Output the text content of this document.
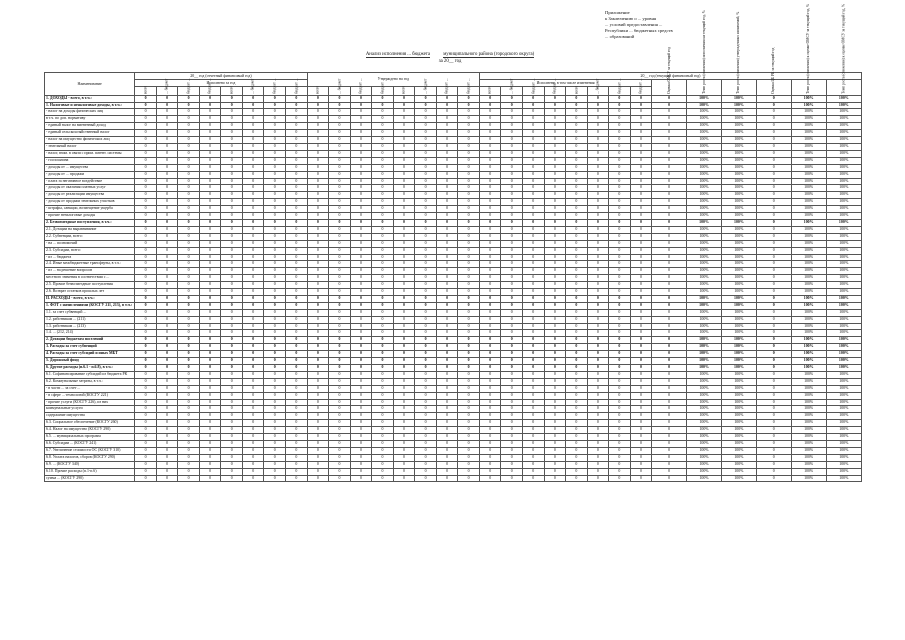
Приложение
к Заключению о ... уровня
... условий предоставления ...
Республики ... бюджетных средств
... образований
Анализ исполнения ... бюджета	муниципального района (городского округа)
за 20__ год
Наименование	20__ год (отчетный финансовый год)								Утверждено на год								20__ год (текущий финансовый год)													
	Исполнено за год																Исполнено, в том числе изменения								Оценка ОМСУ за текущий год	Темп роста (снижения) исполнения на текущий год, %	Темп роста (снижения) утвержденных назначений, %	Оценка ЦБ РК за текущий год	Темп роста (снижения) к оценке ОМСУ за текущий год, %	Темп роста (снижения) к оценке ОМСУ за текущий год, %
	всего	... бюджет	бюджет ...	бюджет ...	всего	... бюджет	бюджет ...	бюджет ...	всего	... бюджет	бюджет ...	бюджет ...	всего	... бюджет	бюджет ...	бюджет ...	всего	... бюджет	бюджет ...	бюджет ...	всего	... бюджет	бюджет ...	бюджет ...						
1. ДОХОДЫ - всего, в т.ч.:	0	0	0	0	0	0	0	0	0	0	0	0	0	0	0	0	0	0	0	0	0	0	0	0	0	100%	100%	0	100%	100%
1. Налоговые и неналоговые доходы, в т.ч.:	0	0	0	0	0	0	0	0	0	0	0	0	0	0	0	0	0	0	0	0	0	0	0	0	0	100%	100%	0	100%	100%
- налог на доходы физических лиц	0	0	0	0	0	0	0	0	0	0	0	0	0	0	0	0	0	0	0	0	0	0	0	0	0	100%	100%	0	100%	100%
в т.ч. по доп. нормативу	0	0	0	0	0	0	0	0	0	0	0	0	0	0	0	0	0	0	0	0	0	0	0	0	0	100%	100%	0	100%	100%
- единый налог на вмененный доход	0	0	0	0	0	0	0	0	0	0	0	0	0	0	0	0	0	0	0	0	0	0	0	0	0	100%	100%	0	100%	100%
- единый сельскохозяйственный налог	0	0	0	0	0	0	0	0	0	0	0	0	0	0	0	0	0	0	0	0	0	0	0	0	0	100%	100%	0	100%	100%
- налог на имущество физических лиц	0	0	0	0	0	0	0	0	0	0	0	0	0	0	0	0	0	0	0	0	0	0	0	0	0	100%	100%	0	100%	100%
- земельный налог	0	0	0	0	0	0	0	0	0	0	0	0	0	0	0	0	0	0	0	0	0	0	0	0	0	100%	100%	0	100%	100%
- налог, взим. в связи с прим. патент. системы	0	0	0	0	0	0	0	0	0	0	0	0	0	0	0	0	0	0	0	0	0	0	0	0	0	100%	100%	0	100%	100%
- госпошлина	0	0	0	0	0	0	0	0	0	0	0	0	0	0	0	0	0	0	0	0	0	0	0	0	0	100%	100%	0	100%	100%
- доходы от ... имущества	0	0	0	0	0	0	0	0	0	0	0	0	0	0	0	0	0	0	0	0	0	0	0	0	0	100%	100%	0	100%	100%
- доходы от ... продажи	0	0	0	0	0	0	0	0	0	0	0	0	0	0	0	0	0	0	0	0	0	0	0	0	0	100%	100%	0	100%	100%
- плата за негативное воздействие	0	0	0	0	0	0	0	0	0	0	0	0	0	0	0	0	0	0	0	0	0	0	0	0	0	100%	100%	0	100%	100%
- доходы от оказания платных услуг	0	0	0	0	0	0	0	0	0	0	0	0	0	0	0	0	0	0	0	0	0	0	0	0	0	100%	100%	0	100%	100%
- доходы от реализации имущества	0	0	0	0	0	0	0	0	0	0	0	0	0	0	0	0	0	0	0	0	0	0	0	0	0	100%	100%	0	100%	100%
- доходы от продажи земельных участков	0	0	0	0	0	0	0	0	0	0	0	0	0	0	0	0	0	0	0	0	0	0	0	0	0	100%	100%	0	100%	100%
- штрафы, санкции, возмещение ущерба	0	0	0	0	0	0	0	0	0	0	0	0	0	0	0	0	0	0	0	0	0	0	0	0	0	100%	100%	0	100%	100%
- прочие неналоговые доходы	0	0	0	0	0	0	0	0	0	0	0	0	0	0	0	0	0	0	0	0	0	0	0	0	0	100%	100%	0	100%	100%
2. Безвозмездные поступления, в т.ч.:	0	0	0	0	0	0	0	0	0	0	0	0	0	0	0	0	0	0	0	0	0	0	0	0	0	100%	100%	0	100%	100%
2.1. Дотации на выравнивание	0	0	0	0	0	0	0	0	0	0	0	0	0	0	0	0	0	0	0	0	0	0	0	0	0	100%	100%	0	100%	100%
2.2. Субвенции, всего:	0	0	0	0	0	0	0	0	0	0	0	0	0	0	0	0	0	0	0	0	0	0	0	0	0	100%	100%	0	100%	100%
- на ... полномочий	0	0	0	0	0	0	0	0	0	0	0	0	0	0	0	0	0	0	0	0	0	0	0	0	0	100%	100%	0	100%	100%
2.3. Субсидии, всего:	0	0	0	0	0	0	0	0	0	0	0	0	0	0	0	0	0	0	0	0	0	0	0	0	0	100%	100%	0	100%	100%
- из ... бюджета	0	0	0	0	0	0	0	0	0	0	0	0	0	0	0	0	0	0	0	0	0	0	0	0	0	100%	100%	0	100%	100%
2.4. Иные межбюджетные трансферты, в т.ч.:	0	0	0	0	0	0	0	0	0	0	0	0	0	0	0	0	0	0	0	0	0	0	0	0	0	100%	100%	0	100%	100%
- из ... на решение вопросов	0	0	0	0	0	0	0	0	0	0	0	0	0	0	0	0	0	0	0	0	0	0	0	0	0	100%	100%	0	100%	100%
местного значения в соответствии с ...	0	0	0	0	0	0	0	0	0	0	0	0	0	0	0	0	0	0	0	0	0	0	0	0	0	100%	100%	0	100%	100%
2.5. Прочие безвозмездные поступления	0	0	0	0	0	0	0	0	0	0	0	0	0	0	0	0	0	0	0	0	0	0	0	0	0	100%	100%	0	100%	100%
2.6. Возврат остатков прошлых лет	0	0	0	0	0	0	0	0	0	0	0	0	0	0	0	0	0	0	0	0	0	0	0	0	0	100%	100%	0	100%	100%
II. РАСХОДЫ - всего, в т.ч.:	0	0	0	0	0	0	0	0	0	0	0	0	0	0	0	0	0	0	0	0	0	0	0	0	0	100%	100%	0	100%	100%
1. ФОТ с начислениями (КОСГУ 211, 213), в т.ч.:	0	0	0	0	0	0	0	0	0	0	0	0	0	0	0	0	0	0	0	0	0	0	0	0	0	100%	100%	0	100%	100%
1.1. за счет субвенций ...	0	0	0	0	0	0	0	0	0	0	0	0	0	0	0	0	0	0	0	0	0	0	0	0	0	100%	100%	0	100%	100%
1.2. работникам ... (211)	0	0	0	0	0	0	0	0	0	0	0	0	0	0	0	0	0	0	0	0	0	0	0	0	0	100%	100%	0	100%	100%
1.3. работникам ... (213)	0	0	0	0	0	0	0	0	0	0	0	0	0	0	0	0	0	0	0	0	0	0	0	0	0	100%	100%	0	100%	100%
1.4. ... (212, 214)	0	0	0	0	0	0	0	0	0	0	0	0	0	0	0	0	0	0	0	0	0	0	0	0	0	100%	100%	0	100%	100%
2. Дотации бюджетам поселений	0	0	0	0	0	0	0	0	0	0	0	0	0	0	0	0	0	0	0	0	0	0	0	0	0	100%	100%	0	100%	100%
3. Расходы за счет субвенций	0	0	0	0	0	0	0	0	0	0	0	0	0	0	0	0	0	0	0	0	0	0	0	0	0	100%	100%	0	100%	100%
4. Расходы за счет субсидий и иных МБТ	0	0	0	0	0	0	0	0	0	0	0	0	0	0	0	0	0	0	0	0	0	0	0	0	0	100%	100%	0	100%	100%
5. Дорожный фонд	0	0	0	0	0	0	0	0	0	0	0	0	0	0	0	0	0	0	0	0	0	0	0	0	0	100%	100%	0	100%	100%
6. Другие расходы (п.6.1 - п.6.8), в т.ч.:	0	0	0	0	0	0	0	0	0	0	0	0	0	0	0	0	0	0	0	0	0	0	0	0	0	100%	100%	0	100%	100%
6.1. Софинансирование субсидий из бюджета РК	0	0	0	0	0	0	0	0	0	0	0	0	0	0	0	0	0	0	0	0	0	0	0	0	0	100%	100%	0	100%	100%
6.2. Коммунальные затраты, в т.ч.:	0	0	0	0	0	0	0	0	0	0	0	0	0	0	0	0	0	0	0	0	0	0	0	0	0	100%	100%	0	100%	100%
- в части ... за счет ...	0	0	0	0	0	0	0	0	0	0	0	0	0	0	0	0	0	0	0	0	0	0	0	0	0	100%	100%	0	100%	100%
- в сфере ... технологий (КОСГУ 221)	0	0	0	0	0	0	0	0	0	0	0	0	0	0	0	0	0	0	0	0	0	0	0	0	0	100%	100%	0	100%	100%
- прочие услуги (КОСГУ 226), из них	0	0	0	0	0	0	0	0	0	0	0	0	0	0	0	0	0	0	0	0	0	0	0	0	0	100%	100%	0	100%	100%
коммунальные услуги	0	0	0	0	0	0	0	0	0	0	0	0	0	0	0	0	0	0	0	0	0	0	0	0	0	100%	100%	0	100%	100%
содержание имущества	0	0	0	0	0	0	0	0	0	0	0	0	0	0	0	0	0	0	0	0	0	0	0	0	0	100%	100%	0	100%	100%
6.3. Социальное обеспечение (КОСГУ 260)	0	0	0	0	0	0	0	0	0	0	0	0	0	0	0	0	0	0	0	0	0	0	0	0	0	100%	100%	0	100%	100%
6.4. Налог на имущество (КОСГУ 290)	0	0	0	0	0	0	0	0	0	0	0	0	0	0	0	0	0	0	0	0	0	0	0	0	0	100%	100%	0	100%	100%
6.5. ... муниципальных программ	0	0	0	0	0	0	0	0	0	0	0	0	0	0	0	0	0	0	0	0	0	0	0	0	0	100%	100%	0	100%	100%
6.6. Субсидии ... (КОСГУ 241)	0	0	0	0	0	0	0	0	0	0	0	0	0	0	0	0	0	0	0	0	0	0	0	0	0	100%	100%	0	100%	100%
6.7. Увеличение стоимости ОС (КОСГУ 310)	0	0	0	0	0	0	0	0	0	0	0	0	0	0	0	0	0	0	0	0	0	0	0	0	0	100%	100%	0	100%	100%
6.8. Уплата налогов, сборов (КОСГУ 290)	0	0	0	0	0	0	0	0	0	0	0	0	0	0	0	0	0	0	0	0	0	0	0	0	0	100%	100%	0	100%	100%
6.9. ... (КОСГУ 340)	0	0	0	0	0	0	0	0	0	0	0	0	0	0	0	0	0	0	0	0	0	0	0	0	0	100%	100%	0	100%	100%
6.10. Прочие расходы (п.1-п.6)	0	0	0	0	0	0	0	0	0	0	0	0	0	0	0	0	0	0	0	0	0	0	0	0	0	100%	100%	0	100%	100%
сумма ... (КОСГУ 290)	0	0	0	0	0	0	0	0	0	0	0	0	0	0	0	0	0	0	0	0	0	0	0	0	0	100%	100%	0	100%	100%
